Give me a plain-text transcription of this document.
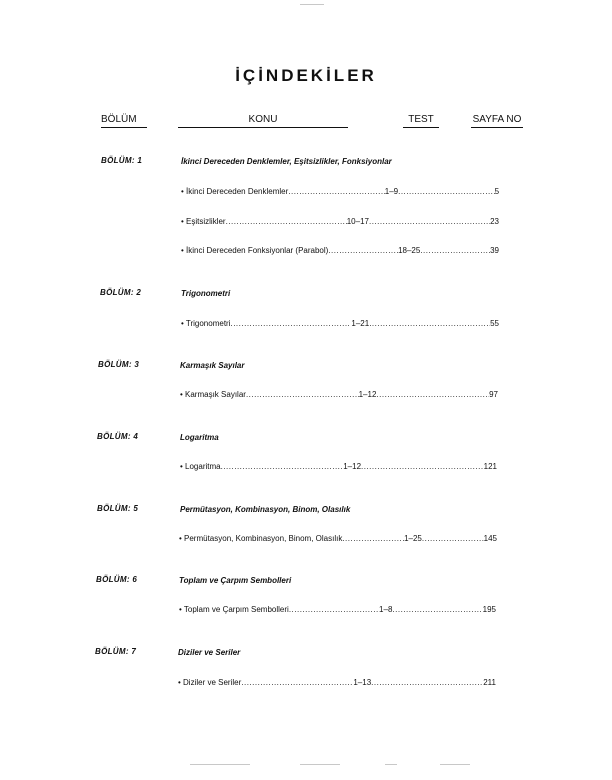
İÇİNDEKİLER
BÖLÜM	KONU	TEST	SAYFA NO
BÖLÜM: 1	İkinci Dereceden Denklemler, Eşitsizlikler, Fonksiyonlar
• İkinci Dereceden Denklemler .....	1–9 .....	5
• Eşitsizlikler .....	10–17 .....	23
• İkinci Dereceden Fonksiyonlar (Parabol) .....	18–25 .....	39
BÖLÜM: 2	Trigonometri
• Trigonometri .....	1–21 .....	55
BÖLÜM: 3	Karmaşık Sayılar
• Karmaşık Sayılar .....	1–12 .....	97
BÖLÜM: 4	Logaritma
• Logaritma .....	1–12 .....	121
BÖLÜM: 5	Permütasyon, Kombinasyon, Binom, Olasılık
• Permütasyon, Kombinasyon, Binom, Olasılık .....	1–25 .....	145
BÖLÜM: 6	Toplam ve Çarpım Sembolleri
• Toplam ve Çarpım Sembolleri .....	1–8 .....	195
BÖLÜM: 7	Diziler ve Seriler
• Diziler ve Seriler .....	1–13 .....	211
